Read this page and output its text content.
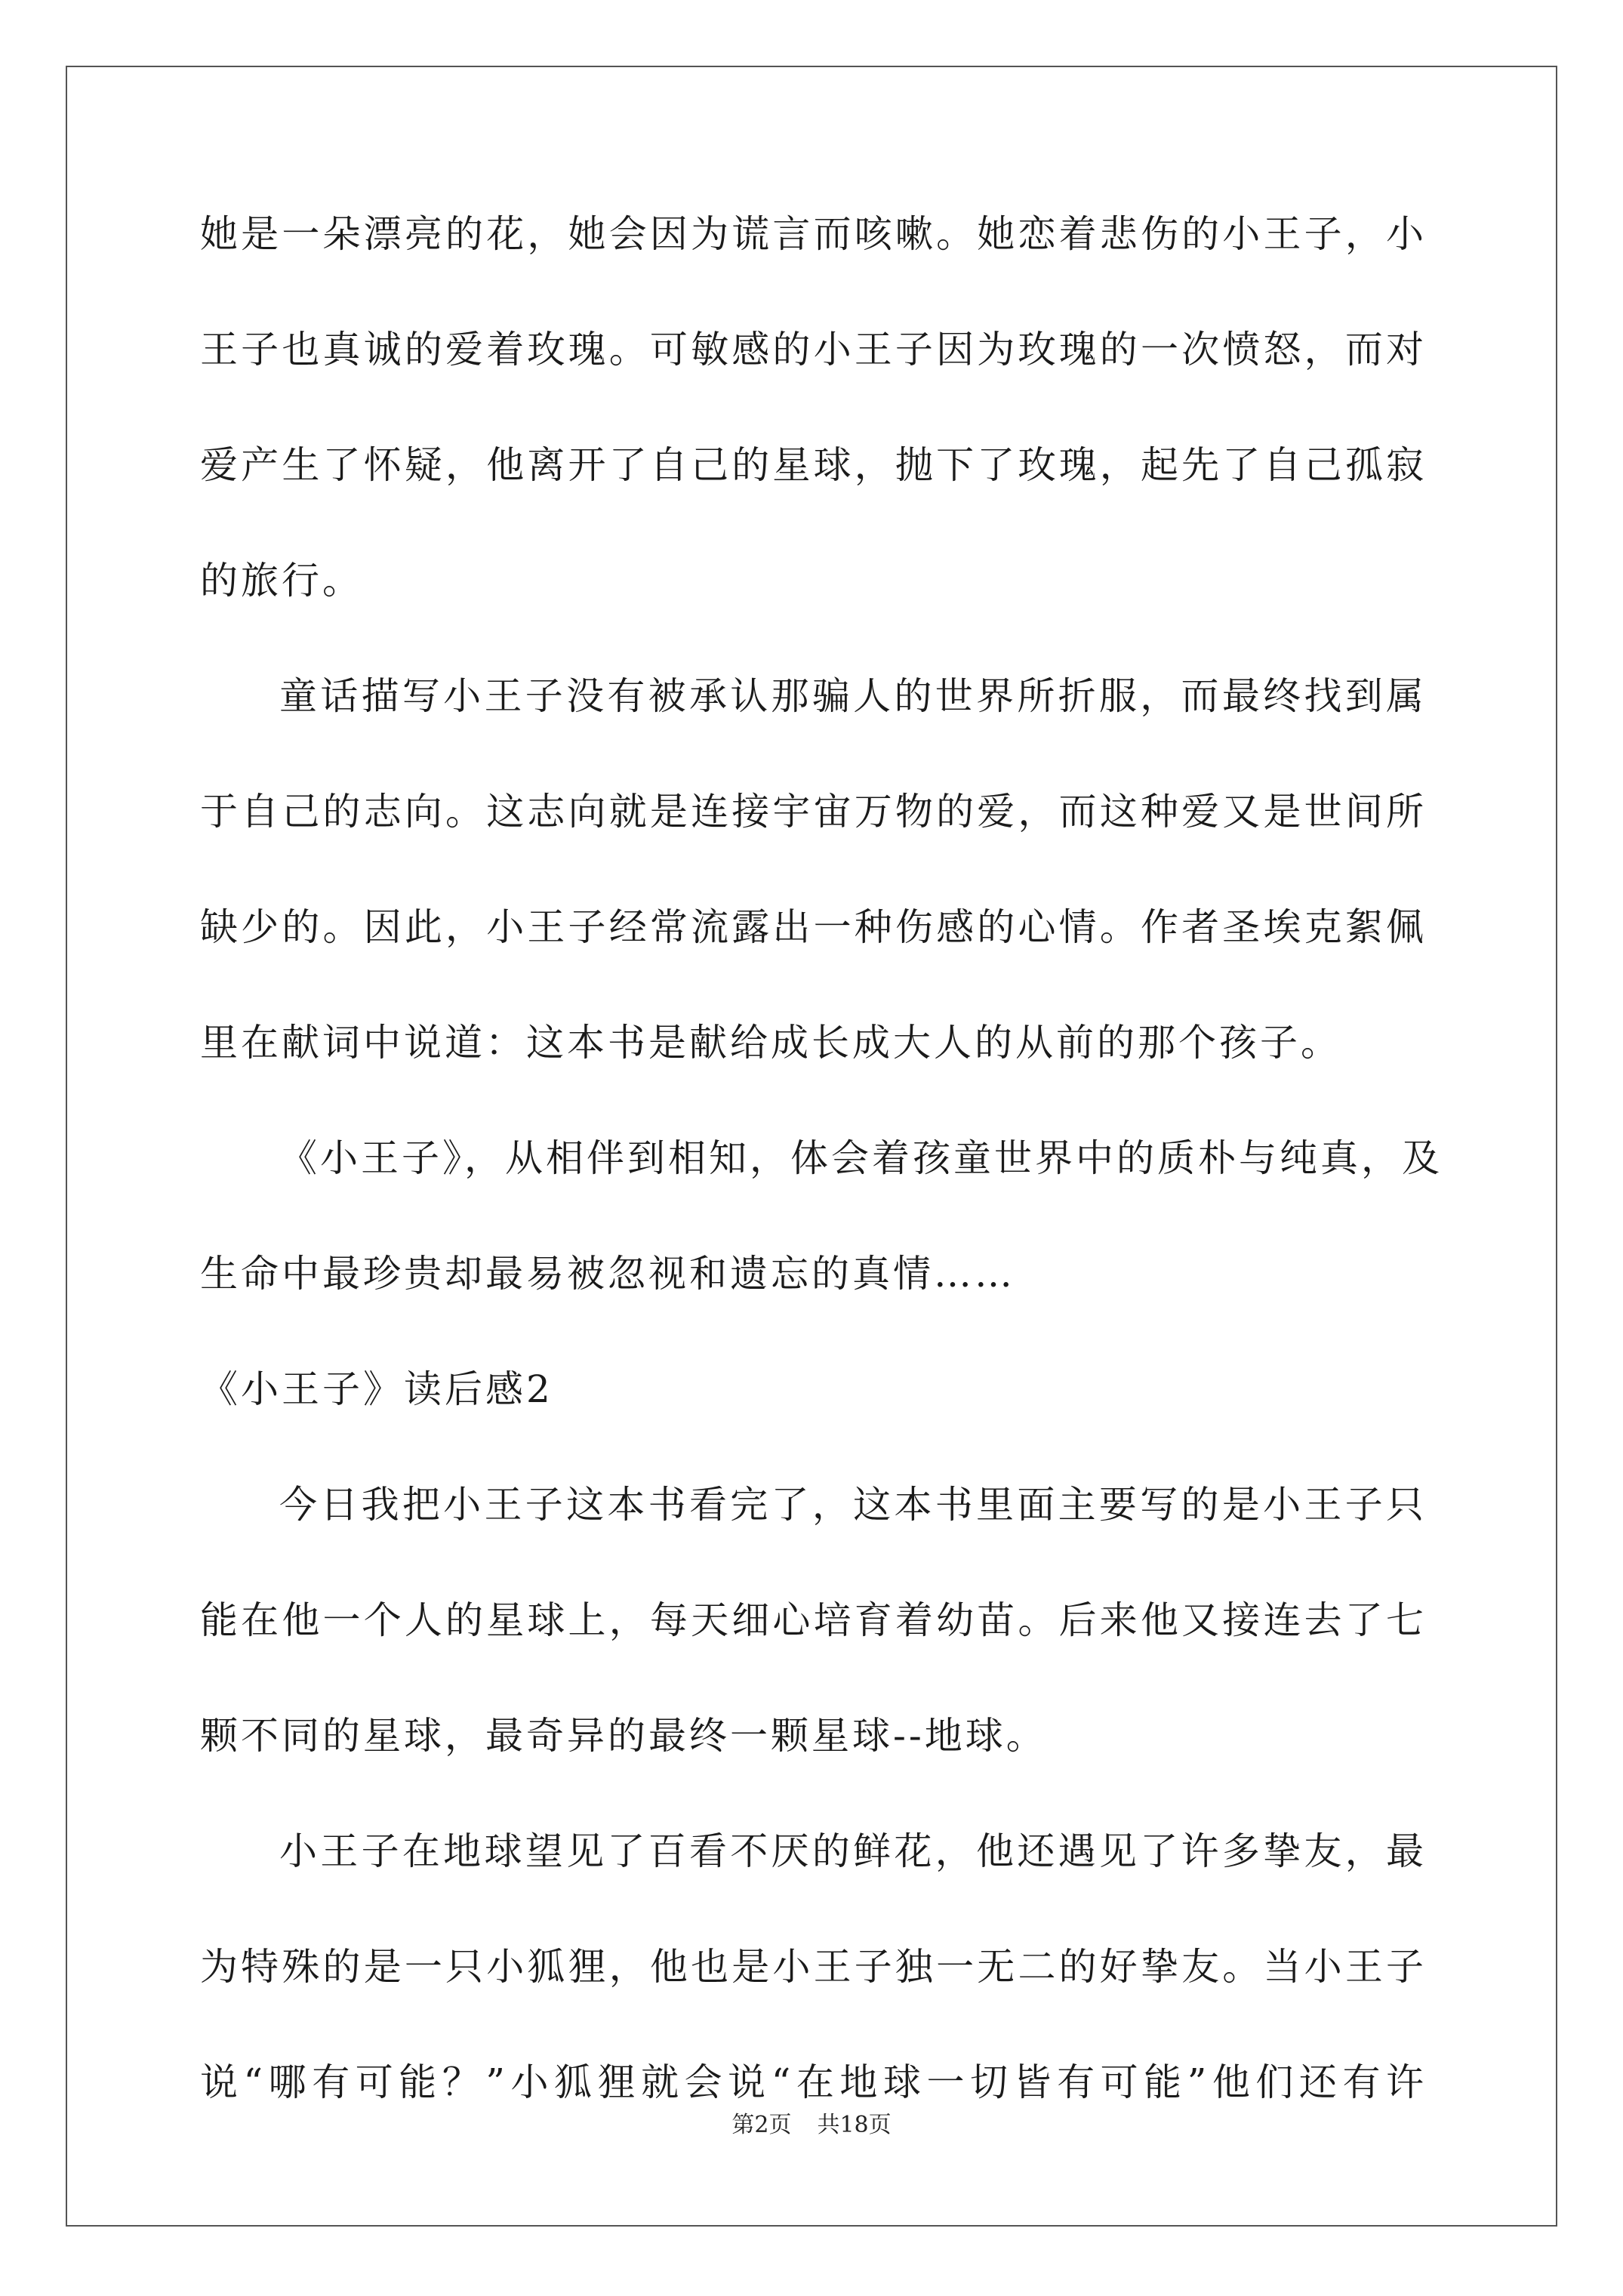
她是一朵漂亮的花，她会因为谎言而咳嗽。她恋着悲伤的小王子，小
王子也真诚的爱着玫瑰。可敏感的小王子因为玫瑰的一次愤怒，而对
爱产生了怀疑，他离开了自己的星球，抛下了玫瑰，起先了自己孤寂
的旅行。
童话描写小王子没有被承认那骗人的世界所折服，而最终找到属
于自己的志向。这志向就是连接宇宙万物的爱，而这种爱又是世间所
缺少的。因此，小王子经常流露出一种伤感的心情。作者圣埃克絮佩
里在献词中说道：这本书是献给成长成大人的从前的那个孩子。
《小王子》，从相伴到相知，体会着孩童世界中的质朴与纯真，及
生命中最珍贵却最易被忽视和遗忘的真情……
《小王子》读后感2
今日我把小王子这本书看完了，这本书里面主要写的是小王子只
能在他一个人的星球上，每天细心培育着幼苗。后来他又接连去了七
颗不同的星球，最奇异的最终一颗星球--地球。
小王子在地球望见了百看不厌的鲜花，他还遇见了许多挚友，最
为特殊的是一只小狐狸，他也是小王子独一无二的好挚友。当小王子
说“哪有可能？”小狐狸就会说“在地球一切皆有可能”他们还有许
第2页 共18页
